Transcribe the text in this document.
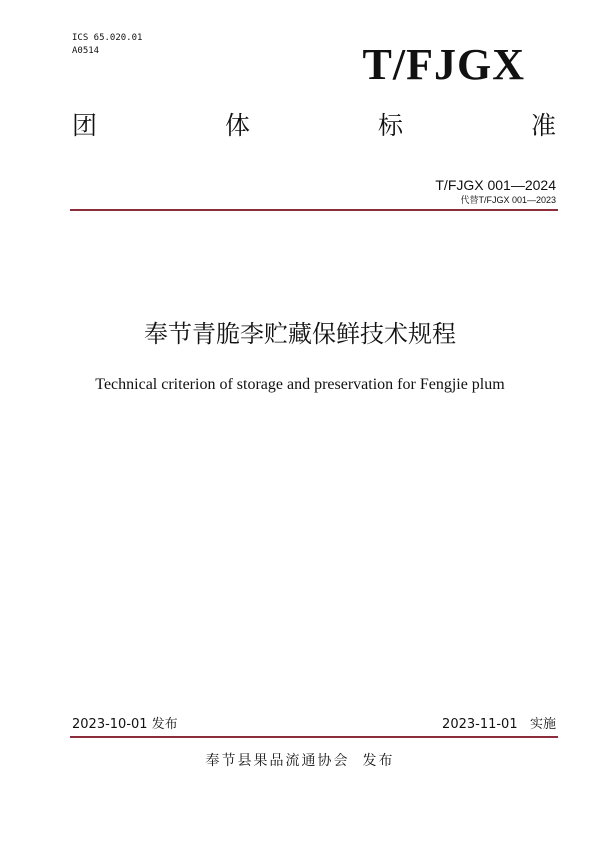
ICS 65.020.01
A0514	T/FJGX
团	体	标	准
T/FJGX 001—2024
代替T/FJGX 001—2023
奉节青脆李贮藏保鲜技术规程
Technical criterion of storage and preservation for Fengjie plum
2023-10-01 发布	2023-11-01   实施
奉节县果品流通协会  发布
